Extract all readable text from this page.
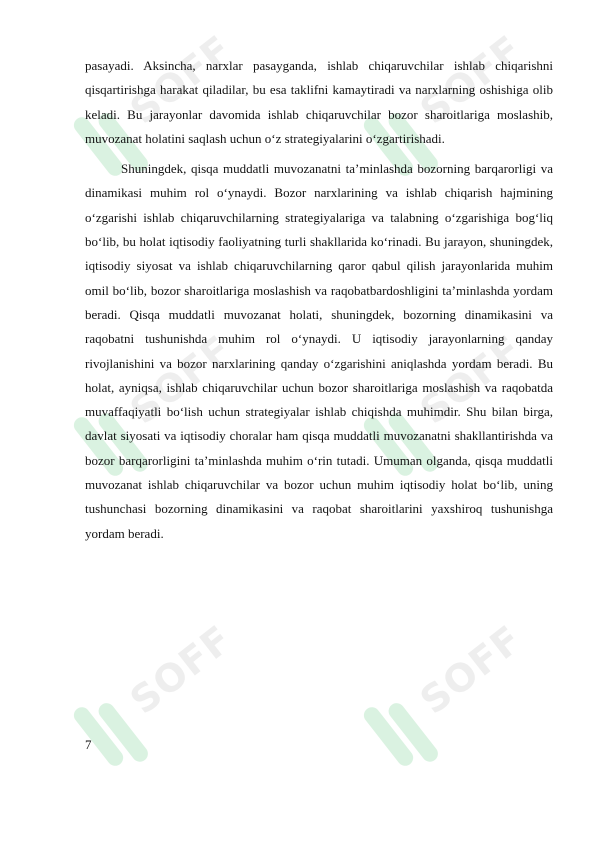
SOFF	SOFF
SOFF	SOFF
SOFF	SOFF

pasayadi. Aksincha, narxlar pasayganda, ishlab chiqaruvchilar ishlab chiqarishni qisqartirishga harakat qiladilar, bu esa taklifni kamaytiradi va narxlarning oshishiga olib keladi. Bu jarayonlar davomida ishlab chiqaruvchilar bozor sharoitlariga moslashib, muvozanat holatini saqlash uchun o‘z strategiyalarini o‘zgartirishadi.

Shuningdek, qisqa muddatli muvozanatni ta’minlashda bozorning barqarorligi va dinamikasi muhim rol o‘ynaydi. Bozor narxlarining va ishlab chiqarish hajmining o‘zgarishi ishlab chiqaruvchilarning strategiyalariga va talabning o‘zgarishiga bog‘liq bo‘lib, bu holat iqtisodiy faoliyatning turli shakllarida ko‘rinadi. Bu jarayon, shuningdek, iqtisodiy siyosat va ishlab chiqaruvchilarning qaror qabul qilish jarayonlarida muhim omil bo‘lib, bozor sharoitlariga moslashish va raqobatbardoshligini ta’minlashda yordam beradi. Qisqa muddatli muvozanat holati, shuningdek, bozorning dinamikasini va raqobatni tushunishda muhim rol o‘ynaydi. U iqtisodiy jarayonlarning qanday rivojlanishini va bozor narxlarining qanday o‘zgarishini aniqlashda yordam beradi. Bu holat, ayniqsa, ishlab chiqaruvchilar uchun bozor sharoitlariga moslashish va raqobatda muvaffaqiyatli bo‘lish uchun strategiyalar ishlab chiqishda muhimdir. Shu bilan birga, davlat siyosati va iqtisodiy choralar ham qisqa muddatli muvozanatni shakllantirishda va bozor barqarorligini ta’minlashda muhim o‘rin tutadi. Umuman olganda, qisqa muddatli muvozanat ishlab chiqaruvchilar va bozor uchun muhim iqtisodiy holat bo‘lib, uning tushunchasi bozorning dinamikasini va raqobat sharoitlarini yaxshiroq tushunishga yordam beradi.

7
